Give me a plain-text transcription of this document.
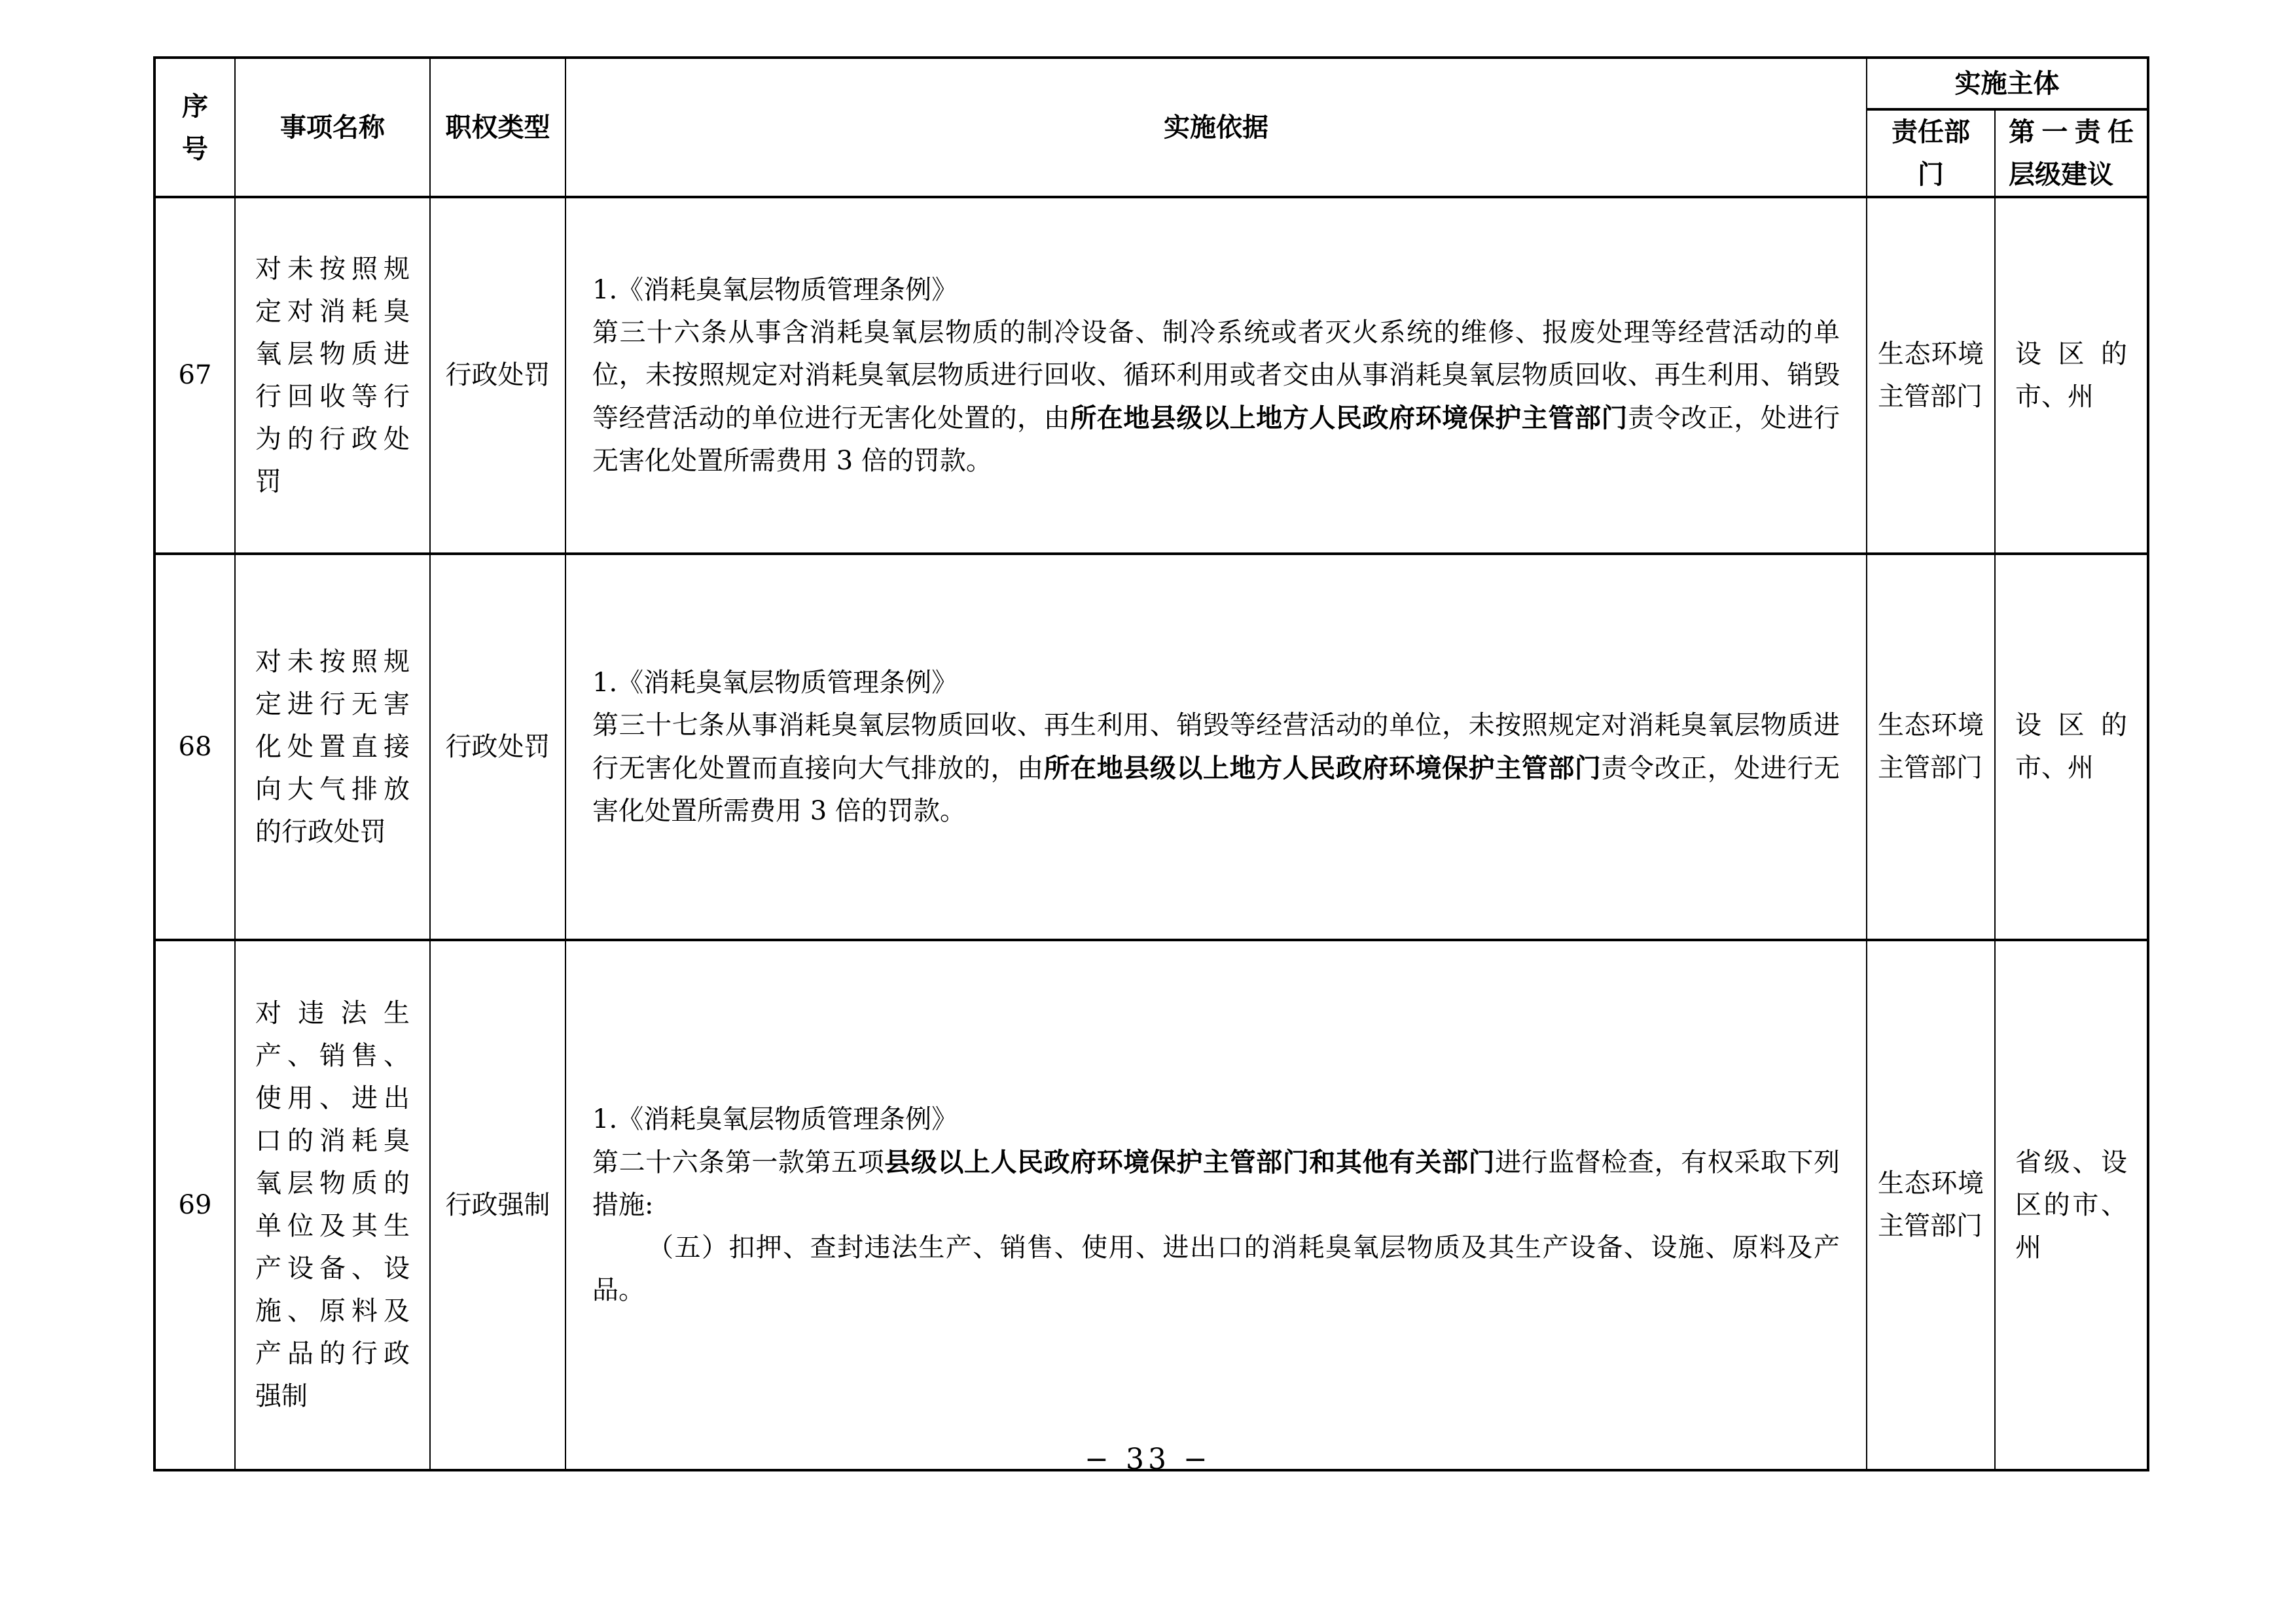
序号	事项名称	职权类型	实施依据	实施主体	
				责任部门	第一责任层级建议
67	对未按照规定对消耗臭氧层物质进行回收等行为的行政处罚	行政处罚	1.《消耗臭氧层物质管理条例》
第三十六条从事含消耗臭氧层物质的制冷设备、制冷系统或者灭火系统的维修、报废处理等经营活动的单位，未按照规定对消耗臭氧层物质进行回收、循环利用或者交由从事消耗臭氧层物质回收、再生利用、销毁等经营活动的单位进行无害化处置的，由所在地县级以上地方人民政府环境保护主管部门责令改正，处进行无害化处置所需费用 3 倍的罚款。	生态环境主管部门	设区的市、州
68	对未按照规定进行无害化处置直接向大气排放的行政处罚	行政处罚	1.《消耗臭氧层物质管理条例》
第三十七条从事消耗臭氧层物质回收、再生利用、销毁等经营活动的单位，未按照规定对消耗臭氧层物质进行无害化处置而直接向大气排放的，由所在地县级以上地方人民政府环境保护主管部门责令改正，处进行无害化处置所需费用 3 倍的罚款。	生态环境主管部门	设区的市、州
69	对违法生产、销售、使用、进出口的消耗臭氧层物质的单位及其生产设备、设施、原料及产品的行政强制	行政强制	1.《消耗臭氧层物质管理条例》
第二十六条第一款第五项县级以上人民政府环境保护主管部门和其他有关部门进行监督检查，有权采取下列措施:
（五）扣押、查封违法生产、销售、使用、进出口的消耗臭氧层物质及其生产设备、设施、原料及产品。	生态环境主管部门	省级、设区的市、州
− 33 −
